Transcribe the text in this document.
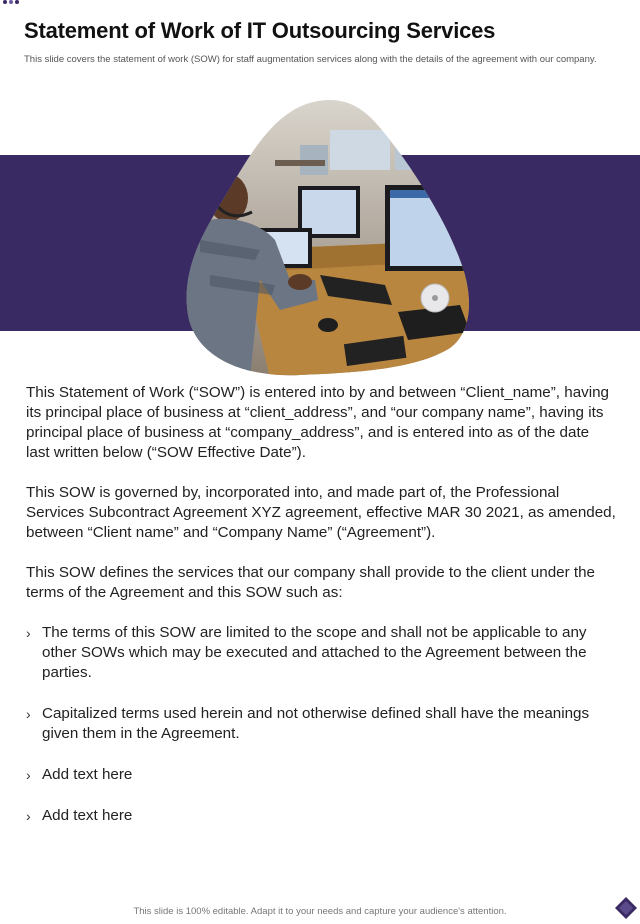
Statement of Work of IT Outsourcing Services

This slide covers the statement of work (SOW) for staff augmentation services along with the details of the agreement with our company.

This Statement of Work (“SOW”) is entered into by and between “Client_name”, having its principal place of business at “client_address”, and “our company name”, having its principal place of business at “company_address”, and is entered into as of the date last written below (“SOW Effective Date”).

This SOW is governed by, incorporated into, and made part of, the Professional Services Subcontract Agreement XYZ agreement, effective MAR 30 2021, as amended, between “Client name” and “Company Name” (“Agreement”).

This SOW defines the services that our company shall provide to the client under the terms of the Agreement and this SOW such as:

› The terms of this SOW are limited to the scope and shall not be applicable to any other SOWs which may be executed and attached to the Agreement between the parties.
› Capitalized terms used herein and not otherwise defined shall have the meanings given them in the Agreement.
› Add text here
› Add text here
This slide is 100% editable. Adapt it to your needs and capture your audience's attention.
